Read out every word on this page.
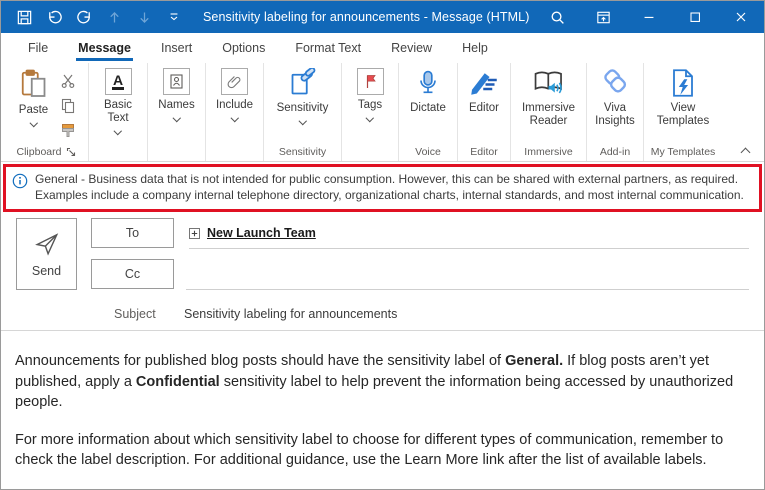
Sensitivity labeling for announcements - Message (HTML)
File Message Insert Options Format Text Review Help
Paste
Clipboard
A
Basic Text
Names Include Sensitivity
Sensitivity
Tags Dictate
Voice
Editor
Editor
Immersive Reader
Immersive
Viva Insights
Add-in
View Templates
My Templates
General - Business data that is not intended for public consumption. However, this can be shared with external partners, as required.
Examples include a company internal telephone directory, organizational charts, internal standards, and most internal communication.
Send
To
Cc
New Launch Team
Subject Sensitivity labeling for announcements

Announcements for published blog posts should have the sensitivity label of General. If blog posts aren’t yet published, apply a Confidential sensitivity label to help prevent the information being accessed by unauthorized people.

For more information about which sensitivity label to choose for different types of communication, remember to check the label description. For additional guidance, use the Learn More link after the list of available labels.
